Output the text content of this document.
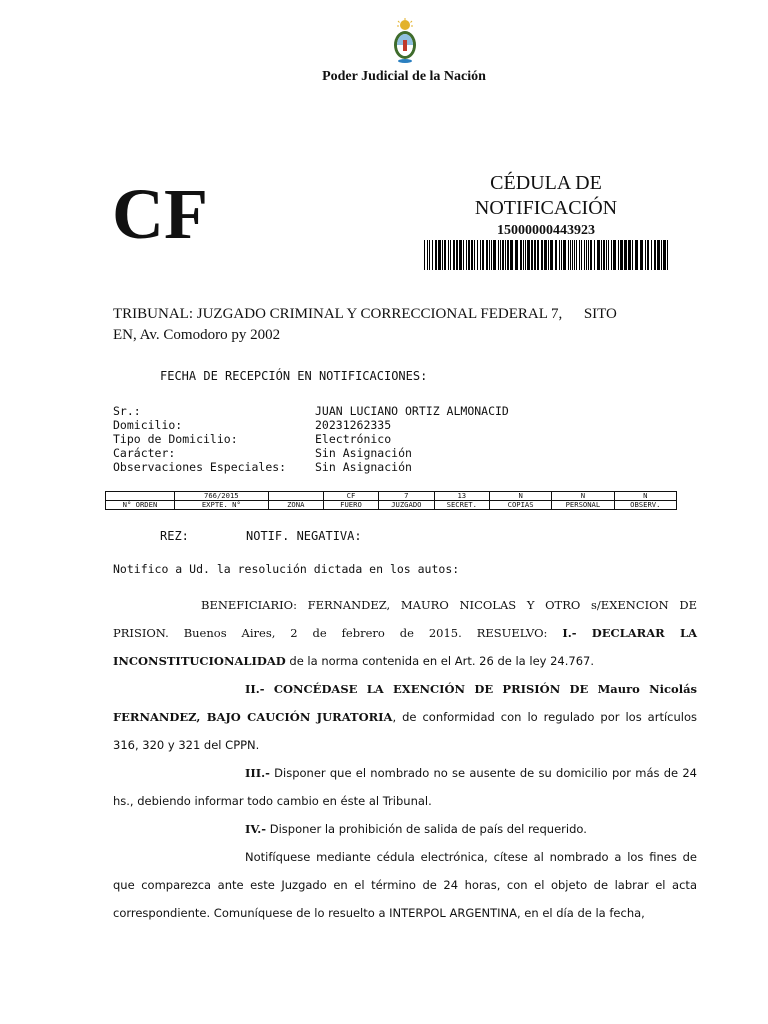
Poder Judicial de la Nación
CF	CÉDULA DE
NOTIFICACIÓN
15000000443923
TRIBUNAL: JUZGADO CRIMINAL Y CORRECCIONAL FEDERAL 7, SITO
EN, Av. Comodoro py 2002
FECHA DE RECEPCIÓN EN NOTIFICACIONES:
Sr.:	JUAN LUCIANO ORTIZ ALMONACID
Domicilio:	20231262335
Tipo de Domicilio:	Electrónico
Carácter:	Sin Asignación
Observaciones Especiales:	Sin Asignación
	766/2015		CF	7	13	N	N	N
N° ORDEN	EXPTE. N°	ZONA	FUERO	JUZGADO	SECRET.	COPIAS	PERSONAL	OBSERV.
REZ:	NOTIF. NEGATIVA:
Notifico a Ud. la resolución dictada en los autos:

BENEFICIARIO: FERNANDEZ, MAURO NICOLAS Y OTRO s/EXENCION DE PRISION. Buenos Aires, 2 de febrero de 2015. RESUELVO: I.- DECLARAR LA INCONSTITUCIONALIDAD de la norma contenida en el Art. 26 de la ley 24.767.

II.- CONCÉDASE LA EXENCIÓN DE PRISIÓN DE Mauro Nicolás FERNANDEZ, BAJO CAUCIÓN JURATORIA, de conformidad con lo regulado por los artículos 316, 320 y 321 del CPPN.

III.- Disponer que el nombrado no se ausente de su domicilio por más de 24 hs., debiendo informar todo cambio en éste al Tribunal.

IV.- Disponer la prohibición de salida de país del requerido.

Notifíquese mediante cédula electrónica, cítese al nombrado a los fines de que comparezca ante este Juzgado en el término de 24 horas, con el objeto de labrar el acta correspondiente. Comuníquese de lo resuelto a INTERPOL ARGENTINA, en el día de la fecha,
